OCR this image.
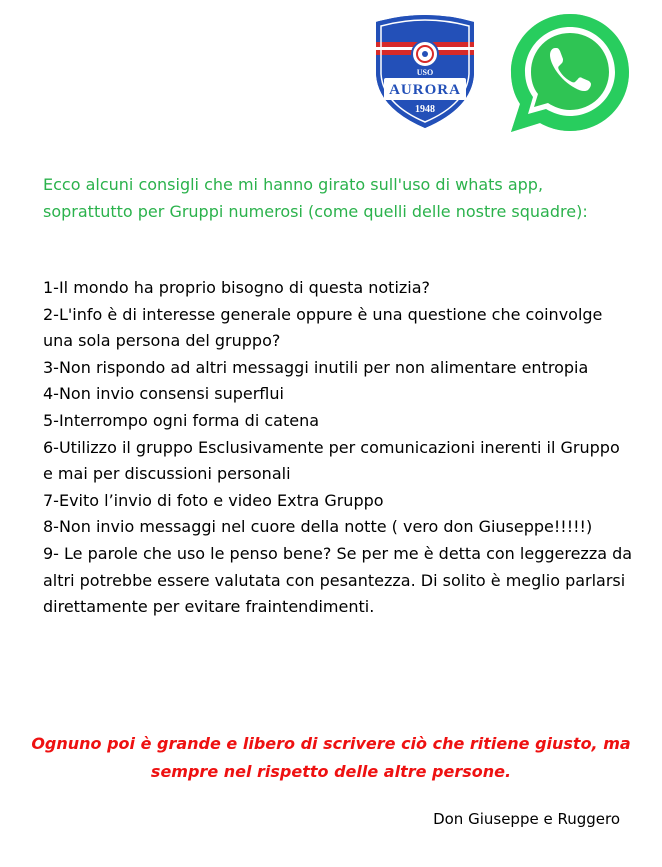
USO
AURORA
1948

Ecco alcuni consigli che mi hanno girato sull'uso di whats app, soprattutto per Gruppi numerosi (come quelli delle nostre squadre):

1-Il mondo ha proprio bisogno di questa notizia?
2-L'info è di interesse generale oppure è una questione che coinvolge una sola persona del gruppo?
3-Non rispondo ad altri messaggi inutili per non alimentare entropia
4-Non invio consensi superflui
5-Interrompo ogni forma di catena
6-Utilizzo il gruppo Esclusivamente per comunicazioni inerenti il Gruppo e mai per discussioni personali
7-Evito l’invio di foto e video Extra Gruppo
8-Non invio messaggi nel cuore della notte ( vero don Giuseppe!!!!!)
9- Le parole che uso le penso bene? Se per me è detta con leggerezza da altri potrebbe essere valutata con pesantezza. Di solito è meglio parlarsi direttamente per evitare fraintendimenti.

Ognuno poi è grande e libero di scrivere ciò che ritiene giusto, ma sempre nel rispetto delle altre persone.

Don Giuseppe e Ruggero
